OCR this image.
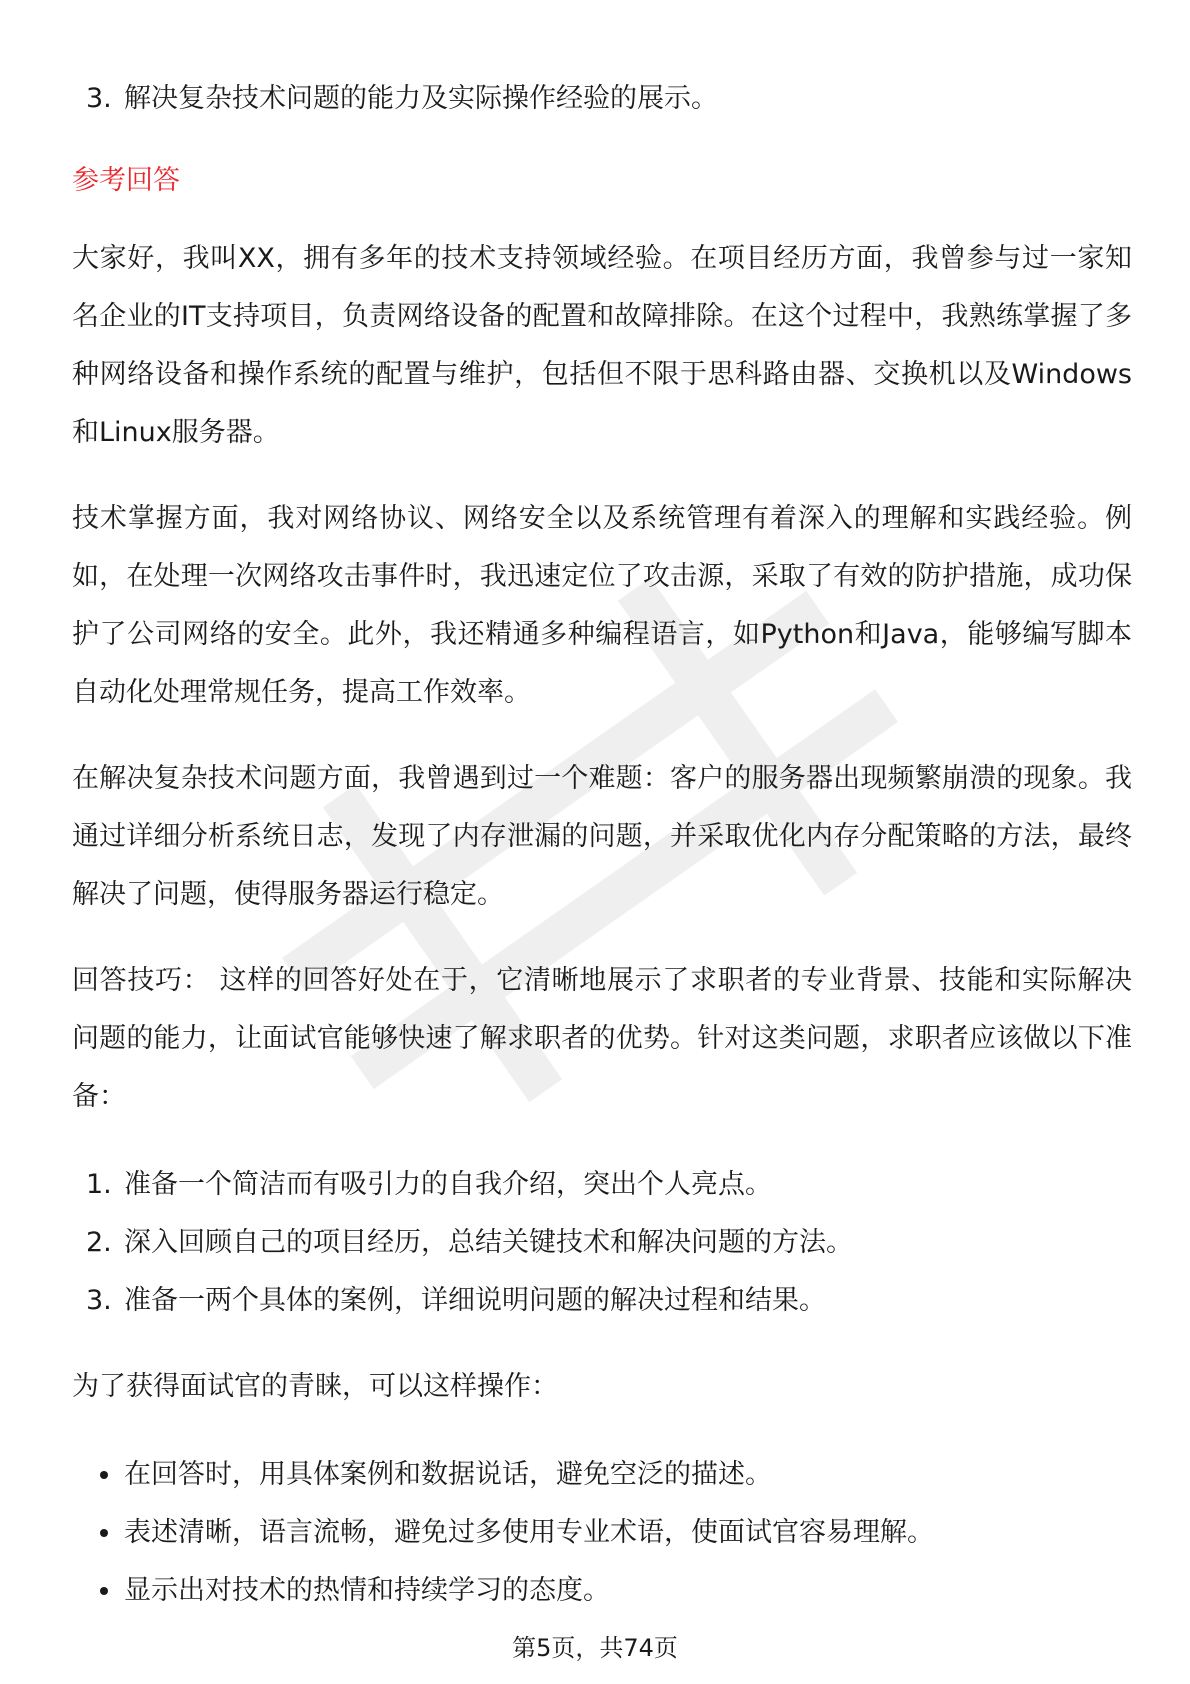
3. 解决复杂技术问题的能力及实际操作经验的展示。
参考回答

大家好，我叫XX，拥有多年的技术支持领域经验。在项目经历方面，我曾参与过一家知名企业的IT支持项目，负责网络设备的配置和故障排除。在这个过程中，我熟练掌握了多种网络设备和操作系统的配置与维护，包括但不限于思科路由器、交换机以及Windows和Linux服务器。

技术掌握方面，我对网络协议、网络安全以及系统管理有着深入的理解和实践经验。例如，在处理一次网络攻击事件时，我迅速定位了攻击源，采取了有效的防护措施，成功保护了公司网络的安全。此外，我还精通多种编程语言，如Python和Java，能够编写脚本自动化处理常规任务，提高工作效率。

在解决复杂技术问题方面，我曾遇到过一个难题：客户的服务器出现频繁崩溃的现象。我通过详细分析系统日志，发现了内存泄漏的问题，并采取优化内存分配策略的方法，最终解决了问题，使得服务器运行稳定。

回答技巧： 这样的回答好处在于，它清晰地展示了求职者的专业背景、技能和实际解决问题的能力，让面试官能够快速了解求职者的优势。针对这类问题，求职者应该做以下准备：

1. 准备一个简洁而有吸引力的自我介绍，突出个人亮点。
2. 深入回顾自己的项目经历，总结关键技术和解决问题的方法。
3. 准备一两个具体的案例，详细说明问题的解决过程和结果。

为了获得面试官的青睐，可以这样操作：

在回答时，用具体案例和数据说话，避免空泛的描述。
表述清晰，语言流畅，避免过多使用专业术语，使面试官容易理解。
显示出对技术的热情和持续学习的态度。
第5页，共74页
